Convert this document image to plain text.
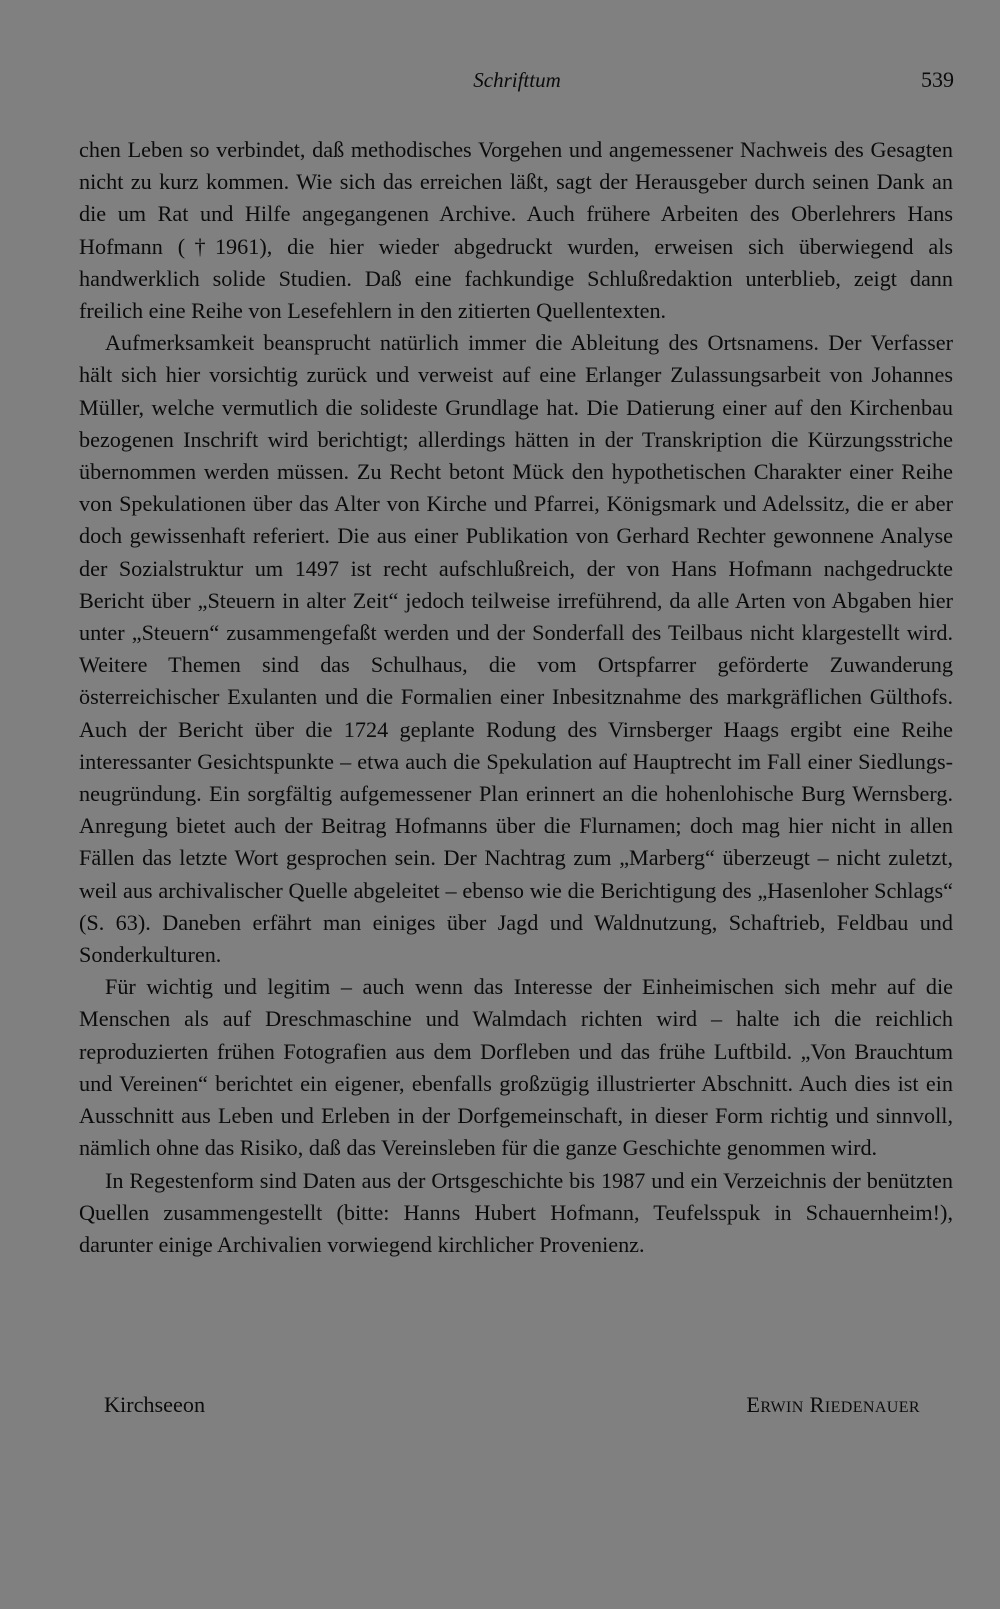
Schrifttum	539

chen Leben so verbindet, daß methodisches Vorgehen und angemessener Nachweis des Gesagten nicht zu kurz kommen. Wie sich das erreichen läßt, sagt der Herausgeber durch seinen Dank an die um Rat und Hilfe angegangenen Archive. Auch frühere Arbeiten des Oberlehrers Hans Hofmann (†1961), die hier wieder abgedruckt wurden, erweisen sich überwiegend als handwerklich solide Studien. Daß eine fachkundige Schlußredaktion unterblieb, zeigt dann freilich eine Reihe von Lesefehlern in den zitierten Quellentexten.

Aufmerksamkeit beansprucht natürlich immer die Ableitung des Ortsnamens. Der Verfasser hält sich hier vorsichtig zurück und verweist auf eine Erlanger Zulassungsarbeit von Johannes Müller, welche vermutlich die solideste Grundlage hat. Die Datierung einer auf den Kirchenbau bezogenen Inschrift wird berichtigt; allerdings hätten in der Transkription die Kürzungsstriche übernommen werden müssen. Zu Recht betont Mück den hypothetischen Charakter einer Reihe von Spekulationen über das Alter von Kirche und Pfarrei, Königsmark und Adelssitz, die er aber doch gewissenhaft referiert. Die aus einer Publikation von Gerhard Rechter gewonnene Analyse der Sozialstruktur um 1497 ist recht aufschlußreich, der von Hans Hofmann nachgedruckte Bericht über „Steuern in alter Zeit“ jedoch teilweise irreführend, da alle Arten von Abgaben hier unter „Steuern“ zusammengefaßt werden und der Sonderfall des Teilbaus nicht klargestellt wird. Weitere Themen sind das Schulhaus, die vom Ortspfarrer geförderte Zuwanderung österreichischer Exulanten und die Formalien einer Inbesitznahme des markgräflichen Gülthofs. Auch der Bericht über die 1724 geplante Rodung des Virnsberger Haags ergibt eine Reihe interessanter Gesichtspunkte – etwa auch die Spekulation auf Hauptrecht im Fall einer Siedlungsneugründung. Ein sorgfältig aufgemessener Plan erinnert an die hohenlohische Burg Wernsberg. Anregung bietet auch der Beitrag Hofmanns über die Flurnamen; doch mag hier nicht in allen Fällen das letzte Wort gesprochen sein. Der Nachtrag zum „Marberg“ überzeugt – nicht zuletzt, weil aus archivalischer Quelle abgeleitet – ebenso wie die Berichtigung des „Hasenloher Schlags“ (S. 63). Daneben erfährt man einiges über Jagd und Waldnutzung, Schaftrieb, Feldbau und Sonderkulturen.

Für wichtig und legitim – auch wenn das Interesse der Einheimischen sich mehr auf die Menschen als auf Dreschmaschine und Walmdach richten wird – halte ich die reichlich reproduzierten frühen Fotografien aus dem Dorfleben und das frühe Luftbild. „Von Brauchtum und Vereinen“ berichtet ein eigener, ebenfalls großzügig illustrierter Abschnitt. Auch dies ist ein Ausschnitt aus Leben und Erleben in der Dorfgemeinschaft, in dieser Form richtig und sinnvoll, nämlich ohne das Risiko, daß das Vereinsleben für die ganze Geschichte genommen wird.

In Regestenform sind Daten aus der Ortsgeschichte bis 1987 und ein Verzeichnis der benützten Quellen zusammengestellt (bitte: Hanns Hubert Hofmann, Teufelsspuk in Schauernheim!), darunter einige Archivalien vorwiegend kirchlicher Provenienz.

Kirchseeon	Erwin Riedenauer
